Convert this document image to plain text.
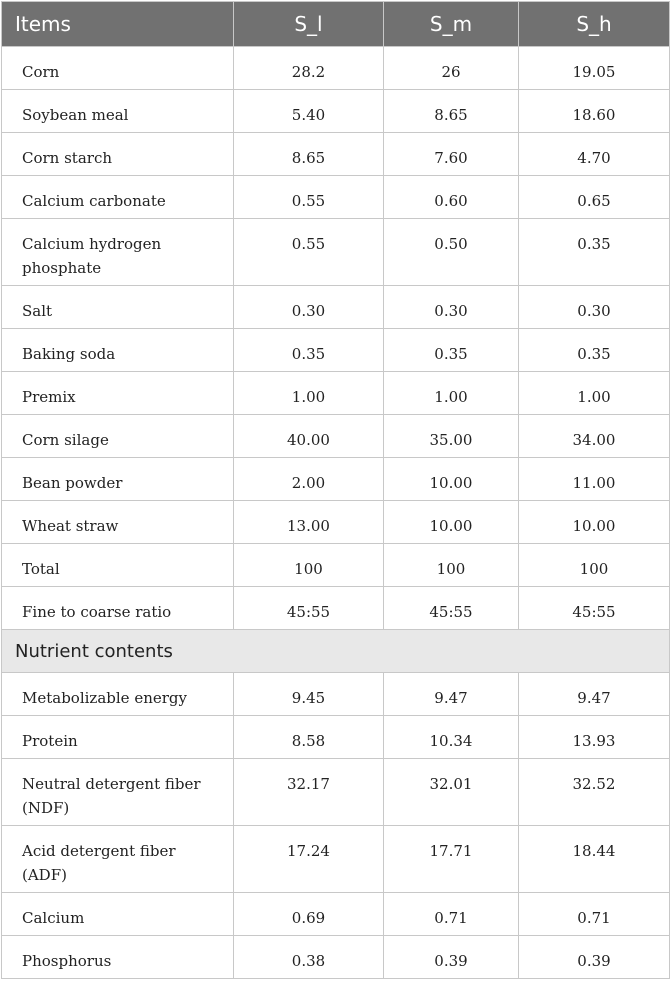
Items	S_l	S_m	S_h
Corn	28.2	26	19.05
Soybean meal	5.40	8.65	18.60
Corn starch	8.65	7.60	4.70
Calcium carbonate	0.55	0.60	0.65
Calcium hydrogen phosphate	0.55	0.50	0.35
Salt	0.30	0.30	0.30
Baking soda	0.35	0.35	0.35
Premix	1.00	1.00	1.00
Corn silage	40.00	35.00	34.00
Bean powder	2.00	10.00	11.00
Wheat straw	13.00	10.00	10.00
Total	100	100	100
Fine to coarse ratio	45:55	45:55	45:55
Nutrient contents			
Metabolizable energy	9.45	9.47	9.47
Protein	8.58	10.34	13.93
Neutral detergent fiber (NDF)	32.17	32.01	32.52
Acid detergent fiber (ADF)	17.24	17.71	18.44
Calcium	0.69	0.71	0.71
Phosphorus	0.38	0.39	0.39
